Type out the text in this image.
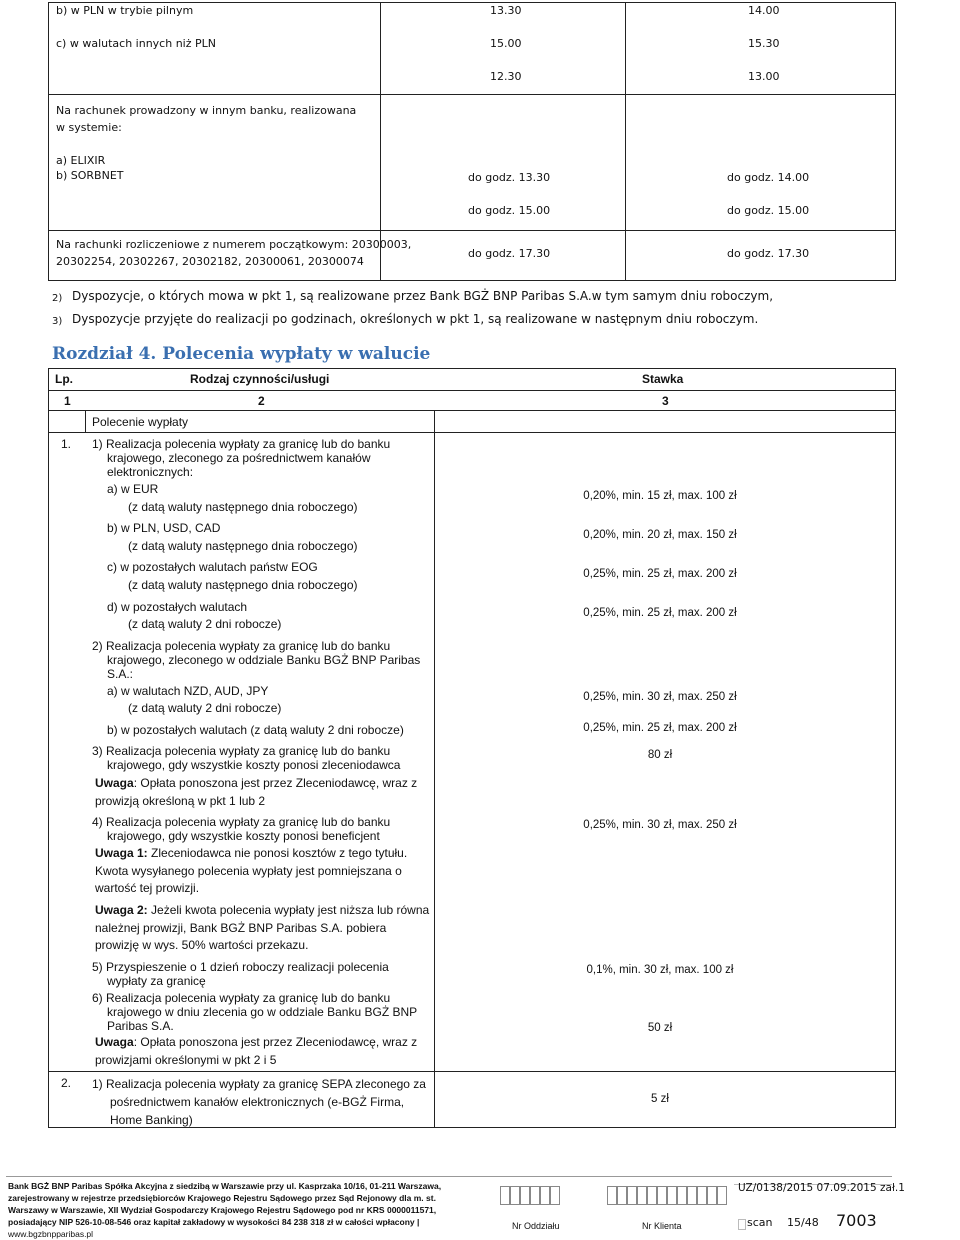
b) w PLN w trybie pilnym	13.30	14.00
c) w walutach innych niż PLN	15.00	15.30
12.30	13.00
Na rachunek prowadzony w innym banku, realizowana
w systemie:
a) ELIXIR
b) SORBNET	do godz. 13.30	do godz. 14.00
do godz. 15.00	do godz. 15.00
Na rachunki rozliczeniowe z numerem początkowym: 20300003,
20302254, 20302267, 20302182, 20300061, 20300074
do godz. 17.30	do godz. 17.30
2) Dyspozycje, o których mowa w pkt 1, są realizowane przez Bank BGŻ BNP Paribas S.A.w tym samym dniu roboczym,
3) Dyspozycje przyjęte do realizacji po godzinach, określonych w pkt 1, są realizowane w następnym dniu roboczym.
Rozdział 4. Polecenia wypłaty w walucie
Lp.	Rodzaj czynności/usługi	Stawka
1	2	3
Polecenie wypłaty
1. 1) Realizacja polecenia wypłaty za granicę lub do banku
krajowego, zleconego za pośrednictwem kanałów
elektronicznych:
a) w EUR
(z datą waluty następnego dnia roboczego)
0,20%, min. 15 zł, max. 100 zł
b) w PLN, USD, CAD
(z datą waluty następnego dnia roboczego)
0,20%, min. 20 zł, max. 150 zł
c) w pozostałych walutach państw EOG
(z datą waluty następnego dnia roboczego)
0,25%, min. 25 zł, max. 200 zł
d) w pozostałych walutach
(z datą waluty 2 dni robocze)
0,25%, min. 25 zł, max. 200 zł
2) Realizacja polecenia wypłaty za granicę lub do banku
krajowego, zleconego w oddziale Banku BGŻ BNP Paribas
S.A.:
a) w walutach NZD, AUD, JPY
(z datą waluty 2 dni robocze)
0,25%, min. 30 zł, max. 250 zł
b) w pozostałych walutach (z datą waluty 2 dni robocze)	0,25%, min. 25 zł, max. 200 zł
3) Realizacja polecenia wypłaty za granicę lub do banku
krajowego, gdy wszystkie koszty ponosi zleceniodawca
80 zł
Uwaga: Opłata ponoszona jest przez Zleceniodawcę, wraz z
prowizją określoną w pkt 1 lub 2
4) Realizacja polecenia wypłaty za granicę lub do banku
krajowego, gdy wszystkie koszty ponosi beneficjent
0,25%, min. 30 zł, max. 250 zł
Uwaga 1: Zleceniodawca nie ponosi kosztów z tego tytułu.
Kwota wysyłanego polecenia wypłaty jest pomniejszana o
wartość tej prowizji.
Uwaga 2: Jeżeli kwota polecenia wypłaty jest niższa lub równa
należnej prowizji, Bank BGŻ BNP Paribas S.A. pobiera
prowizję w wys. 50% wartości przekazu.
5) Przyspieszenie o 1 dzień roboczy realizacji polecenia
wypłaty za granicę
0,1%, min. 30 zł, max. 100 zł
6) Realizacja polecenia wypłaty za granicę lub do banku
krajowego w dniu zlecenia go w oddziale Banku BGŻ BNP
Paribas S.A.	50 zł
Uwaga: Opłata ponoszona jest przez Zleceniodawcę, wraz z
prowizjami określonymi w pkt 2 i 5
2. 1) Realizacja polecenia wypłaty za granicę SEPA zleconego za
pośrednictwem kanałów elektronicznych (e-BGŻ Firma,
Home Banking)
5 zł
Bank BGŻ BNP Paribas Spółka Akcyjna z siedzibą w Warszawie przy ul. Kasprzaka 10/16, 01-211 Warszawa,
zarejestrowany w rejestrze przedsiębiorców Krajowego Rejestru Sądowego przez Sąd Rejonowy dla m. st.
Warszawy w Warszawie, XII Wydział Gospodarczy Krajowego Rejestru Sądowego pod nr KRS 0000011571,
posiadający NIP 526-10-08-546 oraz kapitał zakładowy w wysokości 84 238 318 zł w całości wpłacony |
www.bgzbnpparibas.pl
Nr Oddziału	Nr Klienta
UZ/0138/2015 07.09.2015 zał.1
scan 15/48 7003
